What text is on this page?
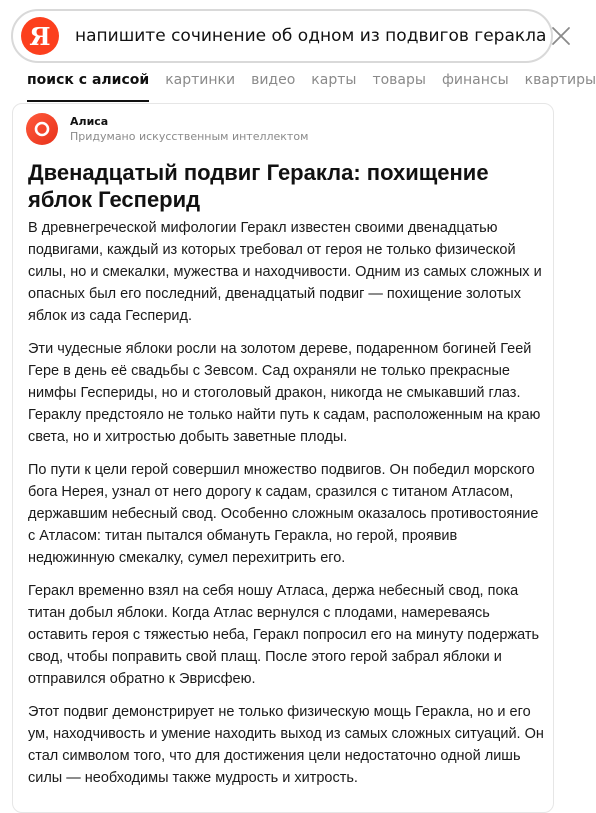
Я	напишите сочинение об одном из подвигов геракла
поиск с алисой картинки видео карты товары финансы квартиры
Алиса
Придумано искусственным интеллектом
Двенадцатый подвиг Геракла: похищение яблок Гесперид

В древнегреческой мифологии Геракл известен своими двенадцатью подвигами, каждый из которых требовал от героя не только физической силы, но и смекалки, мужества и находчивости. Одним из самых сложных и опасных был его последний, двенадцатый подвиг — похищение золотых яблок из сада Гесперид.

Эти чудесные яблоки росли на золотом дереве, подаренном богиней Геей Гере в день её свадьбы с Зевсом. Сад охраняли не только прекрасные нимфы Геспериды, но и стоголовый дракон, никогда не смыкавший глаз. Гераклу предстояло не только найти путь к садам, расположенным на краю света, но и хитростью добыть заветные плоды.

По пути к цели герой совершил множество подвигов. Он победил морского бога Нерея, узнал от него дорогу к садам, сразился с титаном Атласом, державшим небесный свод. Особенно сложным оказалось противостояние с Атласом: титан пытался обмануть Геракла, но герой, проявив недюжинную смекалку, сумел перехитрить его.

Геракл временно взял на себя ношу Атласа, держа небесный свод, пока титан добыл яблоки. Когда Атлас вернулся с плодами, намереваясь оставить героя с тяжестью неба, Геракл попросил его на минуту подержать свод, чтобы поправить свой плащ. После этого герой забрал яблоки и отправился обратно к Эврисфею.

Этот подвиг демонстрирует не только физическую мощь Геракла, но и его ум, находчивость и умение находить выход из самых сложных ситуаций. Он стал символом того, что для достижения цели недостаточно одной лишь силы — необходимы также мудрость и хитрость.
